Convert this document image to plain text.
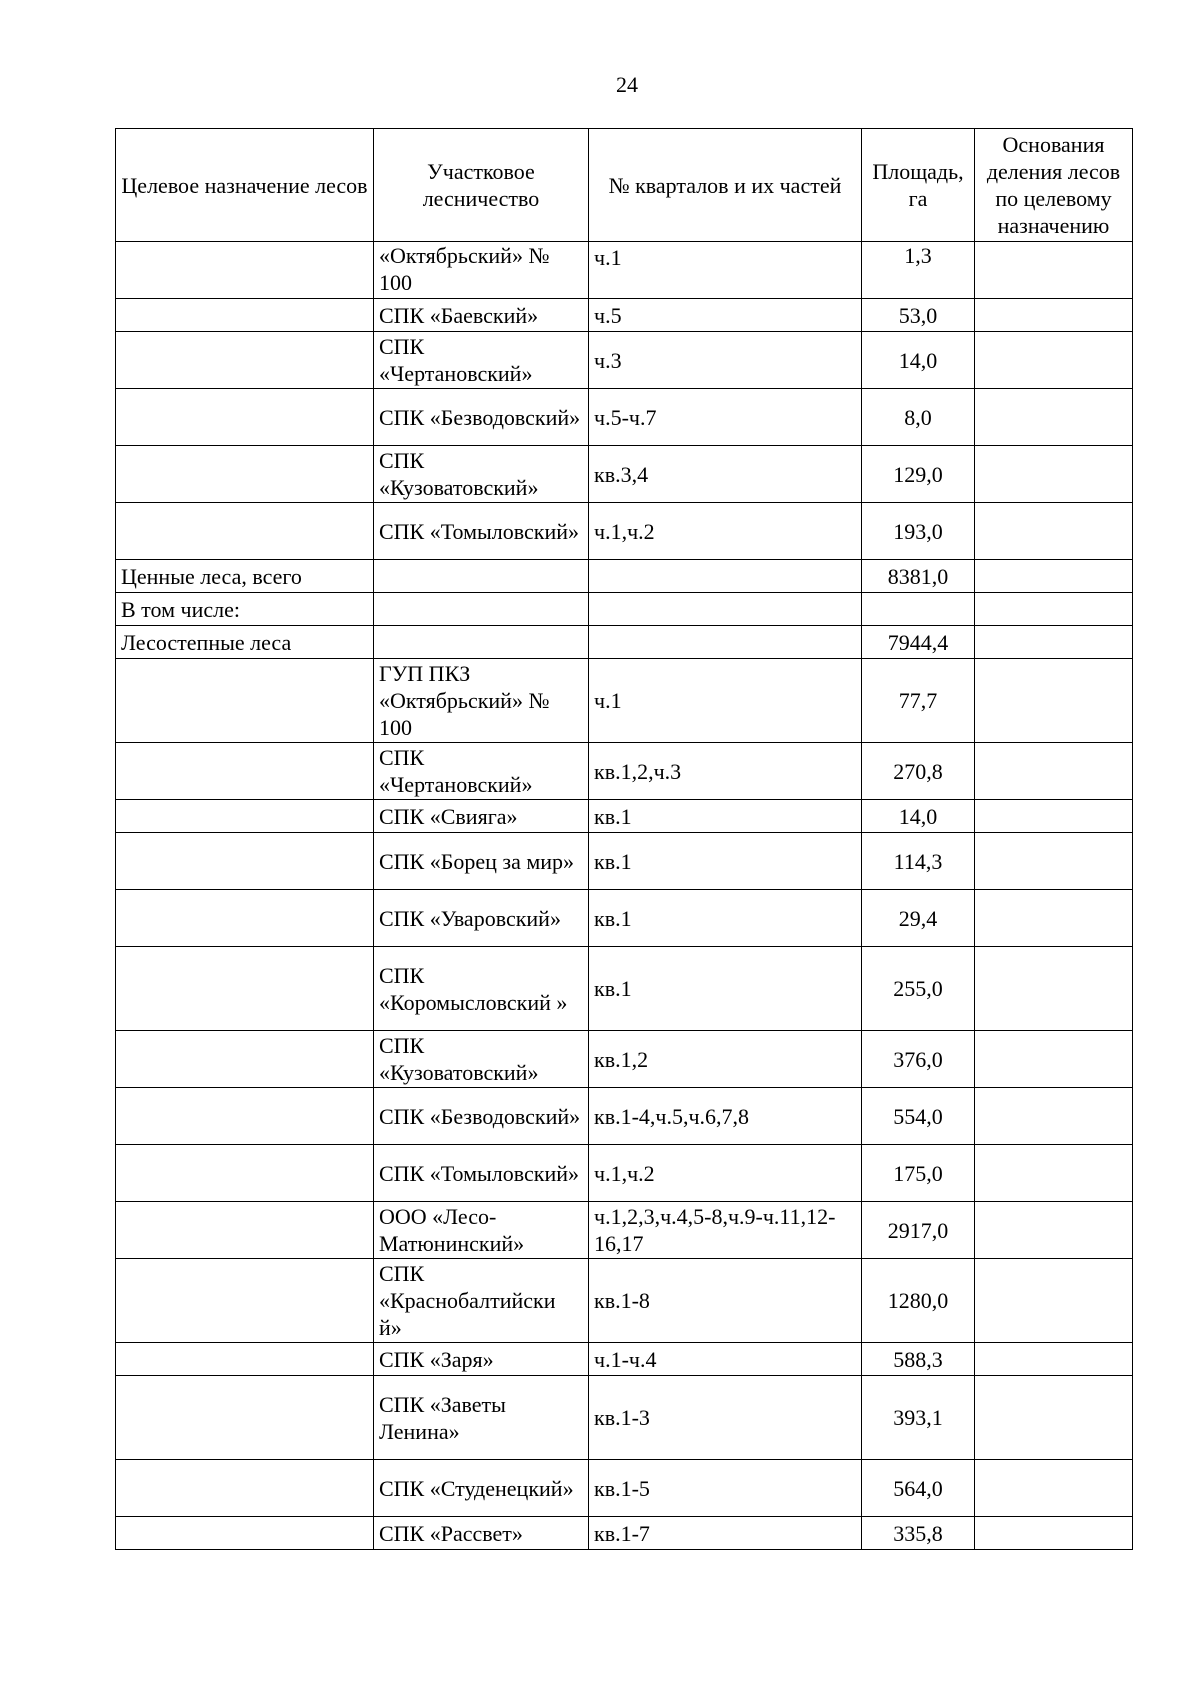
24
Целевое назначение лесов	Участковое лесничество	№ кварталов и их частей	Площадь, га	Основания деления лесов по целевому назначению
	«Октябрьский» № 100	ч.1	1,3	
	СПК «Баевский»	ч.5	53,0	
	СПК «Чертановский»	ч.3	14,0	
	СПК «Безводовский»	ч.5-ч.7	8,0	
	СПК «Кузоватовский»	кв.3,4	129,0	
	СПК «Томыловский»	ч.1,ч.2	193,0	
Ценные леса, всего			8381,0	
В том числе:				
Лесостепные леса			7944,4	
	ГУП ПКЗ «Октябрьский» № 100	ч.1	77,7	
	СПК «Чертановский»	кв.1,2,ч.3	270,8	
	СПК «Свияга»	кв.1	14,0	
	СПК «Борец за мир»	кв.1	114,3	
	СПК «Уваровский»	кв.1	29,4	
	СПК «Коромысловский »	кв.1	255,0	
	СПК «Кузоватовский»	кв.1,2	376,0	
	СПК «Безводовский»	кв.1-4,ч.5,ч.6,7,8	554,0	
	СПК «Томыловский»	ч.1,ч.2	175,0	
	ООО «Лесо-Матюнинский»	ч.1,2,3,ч.4,5-8,ч.9-ч.11,12-16,17	2917,0	
	СПК «Краснобалтийски й»	кв.1-8	1280,0	
	СПК «Заря»	ч.1-ч.4	588,3	
	СПК «Заветы Ленина»	кв.1-3	393,1	
	СПК «Студенецкий»	кв.1-5	564,0	
	СПК «Рассвет»	кв.1-7	335,8	
